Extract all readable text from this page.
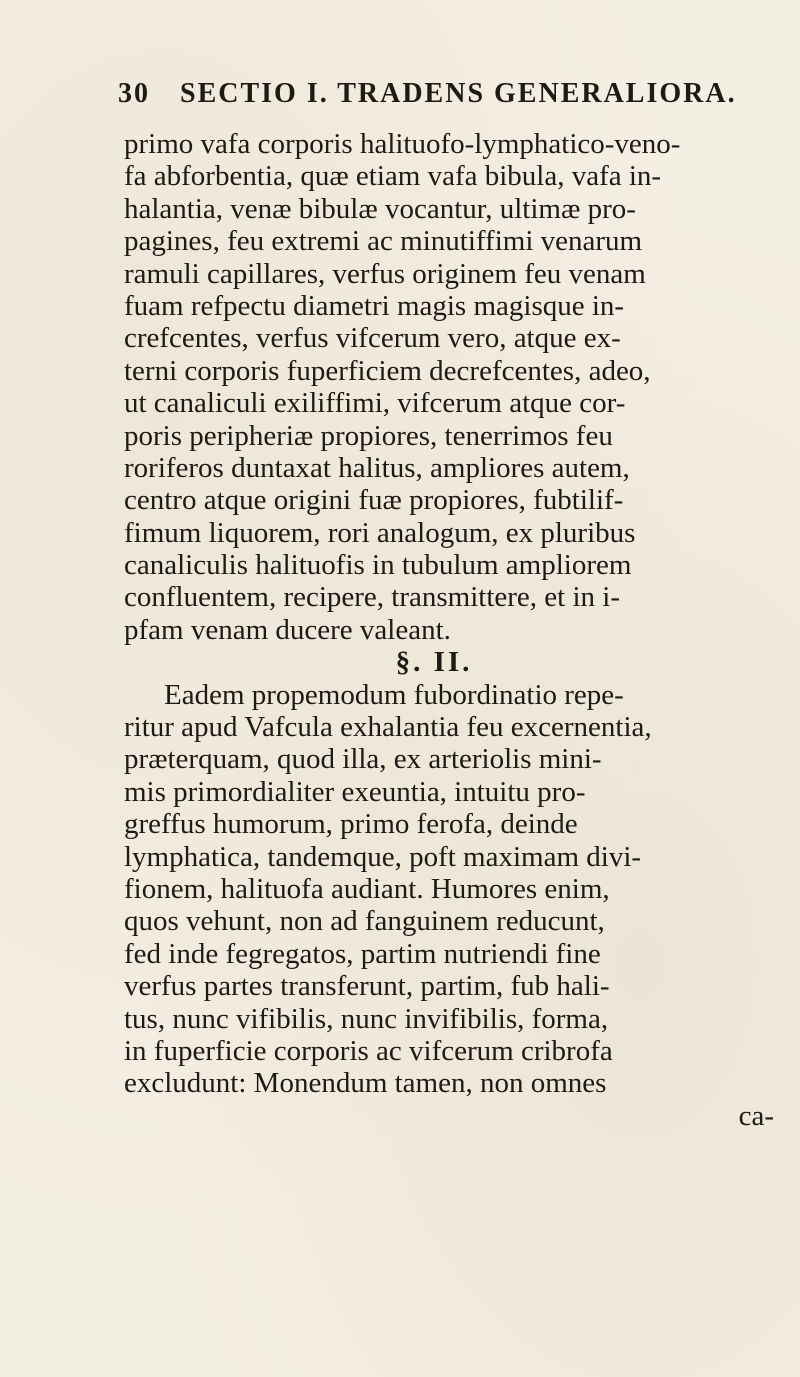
30 SECTIO I. TRADENS GENERALIORA.
primo vafa corporis halituofo-lymphatico-veno-
fa abforbentia, quæ etiam vafa bibula, vafa in-
halantia, venæ bibulæ vocantur, ultimæ pro-
pagines, feu extremi ac minutiffimi venarum
ramuli capillares, verfus originem feu venam
fuam refpectu diametri magis magisque in-
crefcentes, verfus vifcerum vero, atque ex-
terni corporis fuperficiem decrefcentes, adeo,
ut canaliculi exiliffimi, vifcerum atque cor-
poris peripheriæ propiores, tenerrimos feu
roriferos duntaxat halitus, ampliores autem,
centro atque origini fuæ propiores, fubtilif-
fimum liquorem, rori analogum, ex pluribus
canaliculis halituofis in tubulum ampliorem
confluentem, recipere, transmittere, et in i-
pfam venam ducere valeant.
§. II.
Eadem propemodum fubordinatio repe-
ritur apud Vafcula exhalantia feu excernentia,
præterquam, quod illa, ex arteriolis mini-
mis primordialiter exeuntia, intuitu pro-
greffus humorum, primo ferofa, deinde
lymphatica, tandemque, poft maximam divi-
fionem, halituofa audiant. Humores enim,
quos vehunt, non ad fanguinem reducunt,
fed inde fegregatos, partim nutriendi fine
verfus partes transferunt, partim, fub hali-
tus, nunc vifibilis, nunc invifibilis, forma,
in fuperficie corporis ac vifcerum cribrofa
excludunt: Monendum tamen, non omnes
ca-
